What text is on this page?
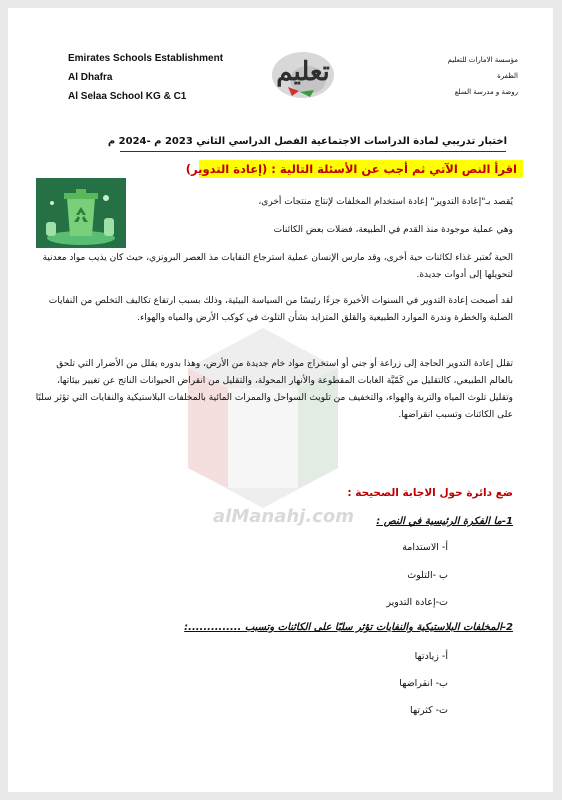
Emirates Schools Establishment
Al Dhafra
Al Selaa School KG & C1
مؤسسة الامارات للتعليم
الظفرة
روضة و مدرسة السلع
تعليم
اختبار تدريبي لمادة الدراسات الاجتماعية الفصل الدراسي الثاني 2023 م -2024 م
اقرأ النص الآتي ثم أجب عن الأسئلة التالية : (إعادة التدوير)
alManahj.com
يُقصد بـ"إعادة التدوير" إعادة استخدام المخلفات لإنتاج منتجات أخرى،
وهي عملية موجودة منذ القدم في الطبيعة، فضلات بعض الكائنات
الحية تُعتبر غذاء لكائنات حية أخرى، وقد مارس الإنسان عملية استرجاع النفايات مذ العصر البرونزي، حيث كان يذيب مواد معدنية لتحويلها إلى أدوات جديدة.
لقد أصبحت إعادة التدوير في السنوات الأخيرة جزءًا رئيسًا من السياسة البيئية، وذلك بسبب ارتفاع تكاليف التخلص من النفايات الصلبة والخطرة وندرة الموارد الطبيعية والقلق المتزايد بشأن التلوث في كوكب الأرض والمياه والهواء.
تقلل إعادة التدوير الحاجة إلى زراعة أو جني أو استخراج مواد خام جديدة من الأرض، وهذا بدوره يقلل من الأضرار التي تلحق بالعالم الطبيعي، كالتقليل من كَمّيَّة الغابات المقطوعة والأنهار المحولة، والتقليل من انقراض الحيوانات الناتج عن تغيير بيئاتها، وتقليل تلوث المياه والتربة والهواء، والتخفيف من تلويث السواحل والممرات المائية بالمخلفات البلاستيكية والنفايات التي تؤثر سلبًا على الكائنات وتسبب انقراضها.
ضع دائرة حول الاجابة الصحيحة :
1-ما الفكرة الرئيسية في النص :
أ- الاستدامة
ب -التلوث
ت-إعادة التدوير
2-المخلفات البلاستيكية والنفايات تؤثر سلبًا على الكائنات وتسبب ..............:
أ- زيادتها
ب- انقراضها
ت- كثرتها
